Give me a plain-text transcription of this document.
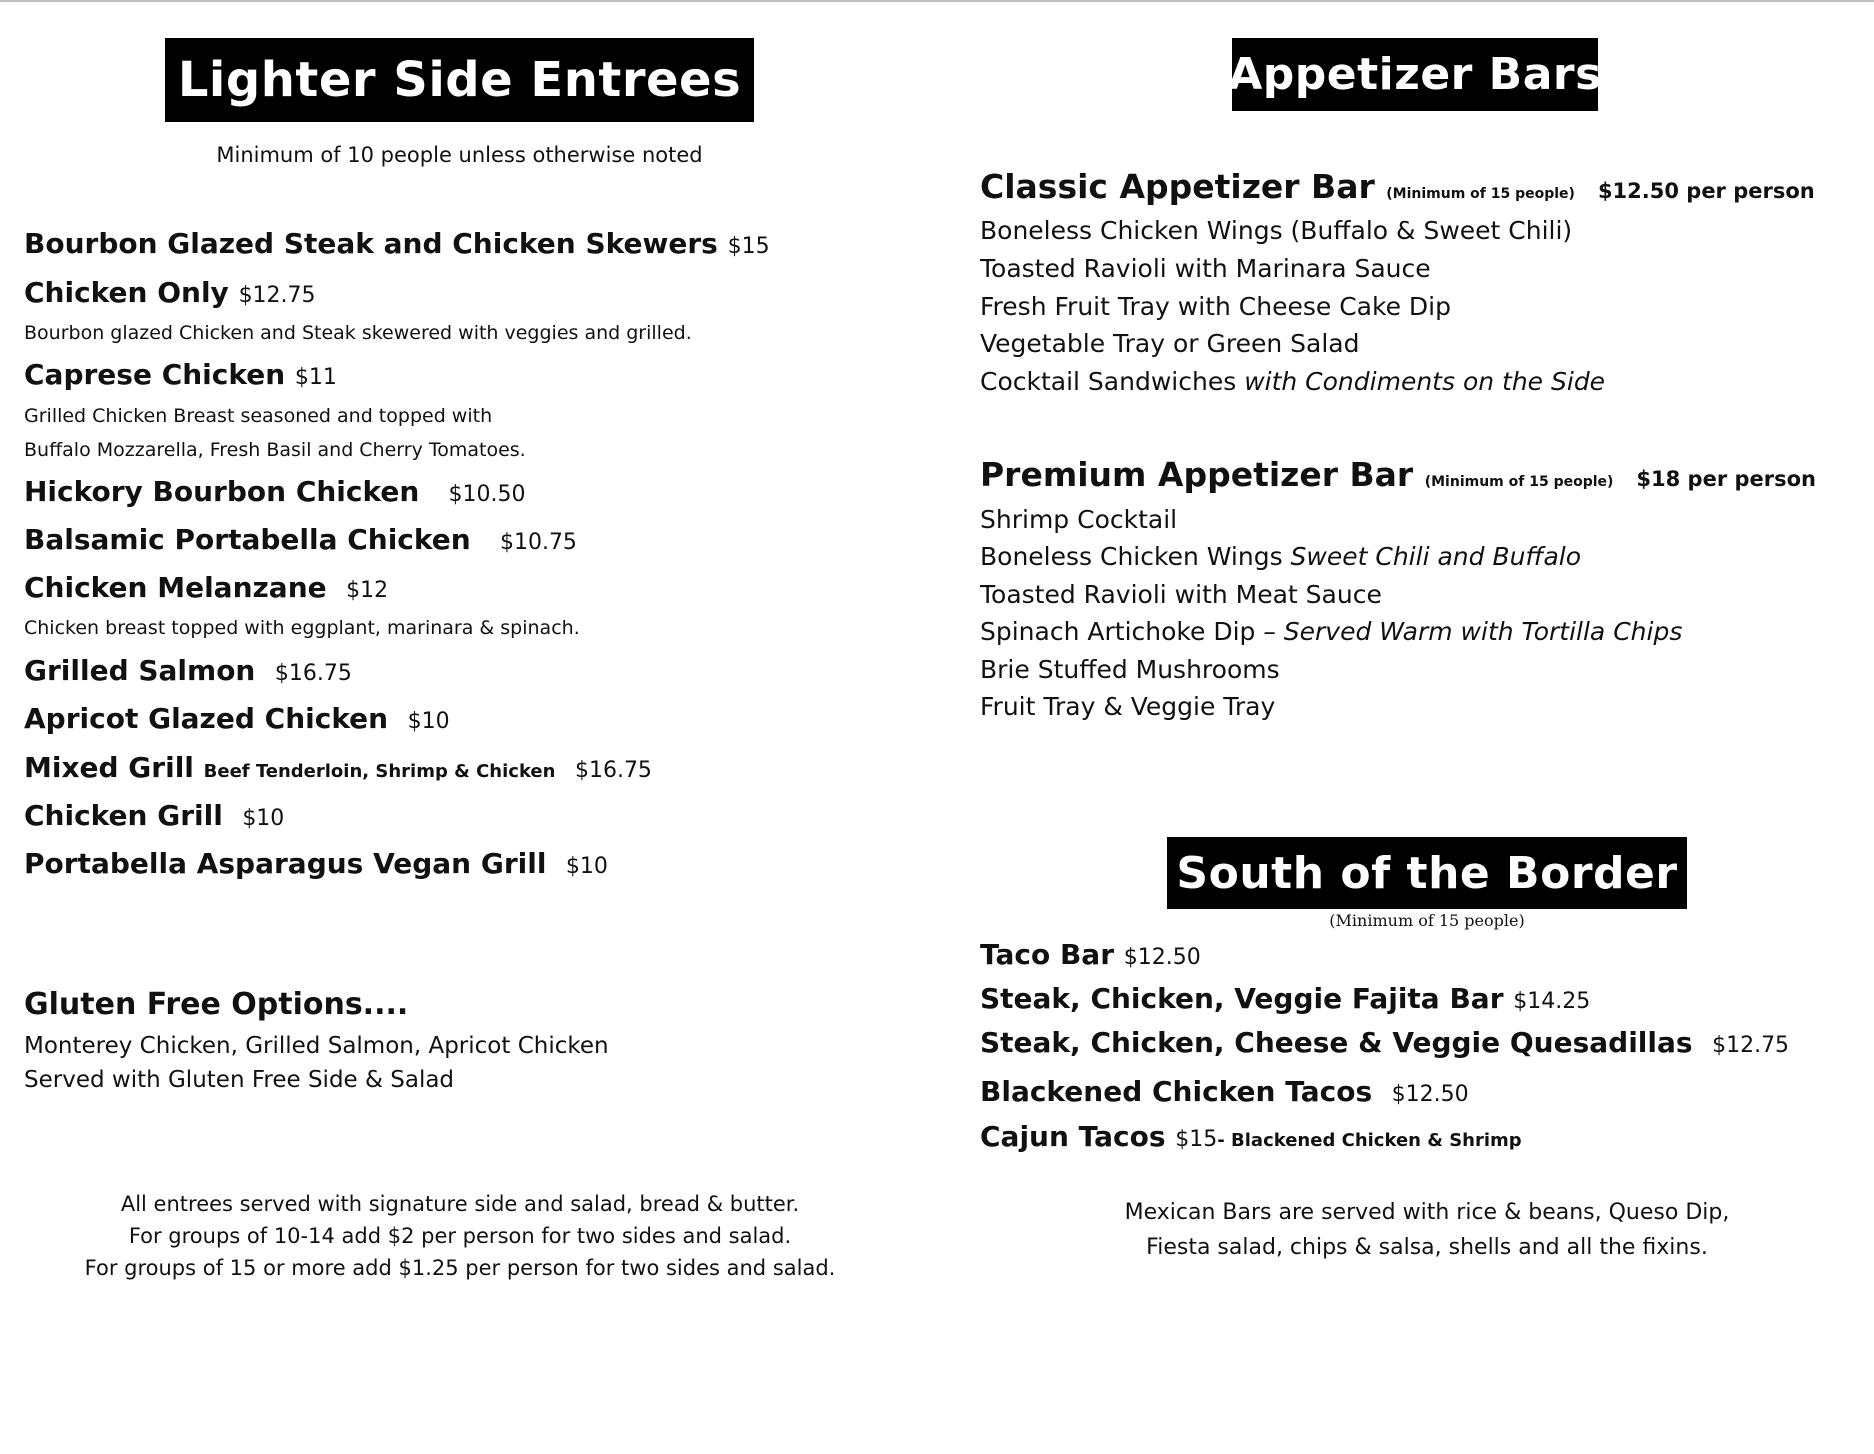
Lighter Side Entrees
Minimum of 10 people unless otherwise noted
Bourbon Glazed Steak and Chicken Skewers $15
Chicken Only $12.75
Bourbon glazed Chicken and Steak skewered with veggies and grilled.
Caprese Chicken $11
Grilled Chicken Breast seasoned and topped with
Buffalo Mozzarella, Fresh Basil and Cherry Tomatoes.
Hickory Bourbon Chicken $10.50
Balsamic Portabella Chicken $10.75
Chicken Melanzane $12
Chicken breast topped with eggplant, marinara & spinach.
Grilled Salmon $16.75
Apricot Glazed Chicken $10
Mixed Grill Beef Tenderloin, Shrimp & Chicken $16.75
Chicken Grill $10
Portabella Asparagus Vegan Grill $10
Gluten Free Options....
Monterey Chicken, Grilled Salmon, Apricot Chicken
Served with Gluten Free Side & Salad
All entrees served with signature side and salad, bread & butter.
For groups of 10-14 add $2 per person for two sides and salad.
For groups of 15 or more add $1.25 per person for two sides and salad.
Appetizer Bars
Classic Appetizer Bar (Minimum of 15 people) $12.50 per person
Boneless Chicken Wings (Buffalo & Sweet Chili)
Toasted Ravioli with Marinara Sauce
Fresh Fruit Tray with Cheese Cake Dip
Vegetable Tray or Green Salad
Cocktail Sandwiches with Condiments on the Side
Premium Appetizer Bar (Minimum of 15 people) $18 per person
Shrimp Cocktail
Boneless Chicken Wings Sweet Chili and Buffalo
Toasted Ravioli with Meat Sauce
Spinach Artichoke Dip – Served Warm with Tortilla Chips
Brie Stuffed Mushrooms
Fruit Tray & Veggie Tray
South of the Border
(Minimum of 15 people)
Taco Bar $12.50
Steak, Chicken, Veggie Fajita Bar $14.25
Steak, Chicken, Cheese & Veggie Quesadillas $12.75
Blackened Chicken Tacos $12.50
Cajun Tacos $15- Blackened Chicken & Shrimp
Mexican Bars are served with rice & beans, Queso Dip,
Fiesta salad, chips & salsa, shells and all the fixins.
